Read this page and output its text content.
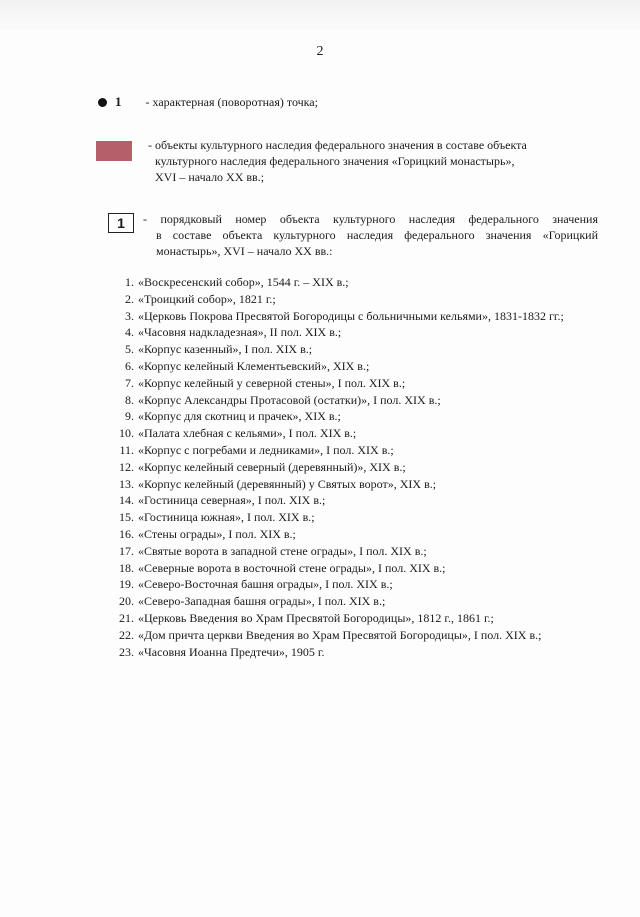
2
1 - характерная (поворотная) точка;
- объекты культурного наследия федерального значения в составе объекта
культурного наследия федерального значения «Горицкий монастырь»,
XVI – начало XX вв.;
1	- порядковый номер объекта культурного наследия федерального значения
в составе объекта культурного наследия федерального значения «Горицкий
монастырь», XVI – начало XX вв.:
1. «Воскресенский собор», 1544 г. – XIX в.;
2. «Троицкий собор», 1821 г.;
3. «Церковь Покрова Пресвятой Богородицы с больничными кельями», 1831-1832 гг.;
4. «Часовня надкладезная», II пол. XIX в.;
5. «Корпус казенный», I пол. XIX в.;
6. «Корпус келейный Клементьевский», XIX в.;
7. «Корпус келейный у северной стены», I пол. XIX в.;
8. «Корпус Александры Протасовой (остатки)», I пол. XIX в.;
9. «Корпус для скотниц и прачек», XIX в.;
10. «Палата хлебная с кельями», I пол. XIX в.;
11. «Корпус с погребами и ледниками», I пол. XIX в.;
12. «Корпус келейный северный (деревянный)», XIX в.;
13. «Корпус келейный (деревянный) у Святых ворот», XIX в.;
14. «Гостиница северная», I пол. XIX в.;
15. «Гостиница южная», I пол. XIX в.;
16. «Стены ограды», I пол. XIX в.;
17. «Святые ворота в западной стене ограды», I пол. XIX в.;
18. «Северные ворота в восточной стене ограды», I пол. XIX в.;
19. «Северо-Восточная башня ограды», I пол. XIX в.;
20. «Северо-Западная башня ограды», I пол. XIX в.;
21. «Церковь Введения во Храм Пресвятой Богородицы», 1812 г., 1861 г.;
22. «Дом причта церкви Введения во Храм Пресвятой Богородицы», I пол. XIX в.;
23. «Часовня Иоанна Предтечи», 1905 г.
